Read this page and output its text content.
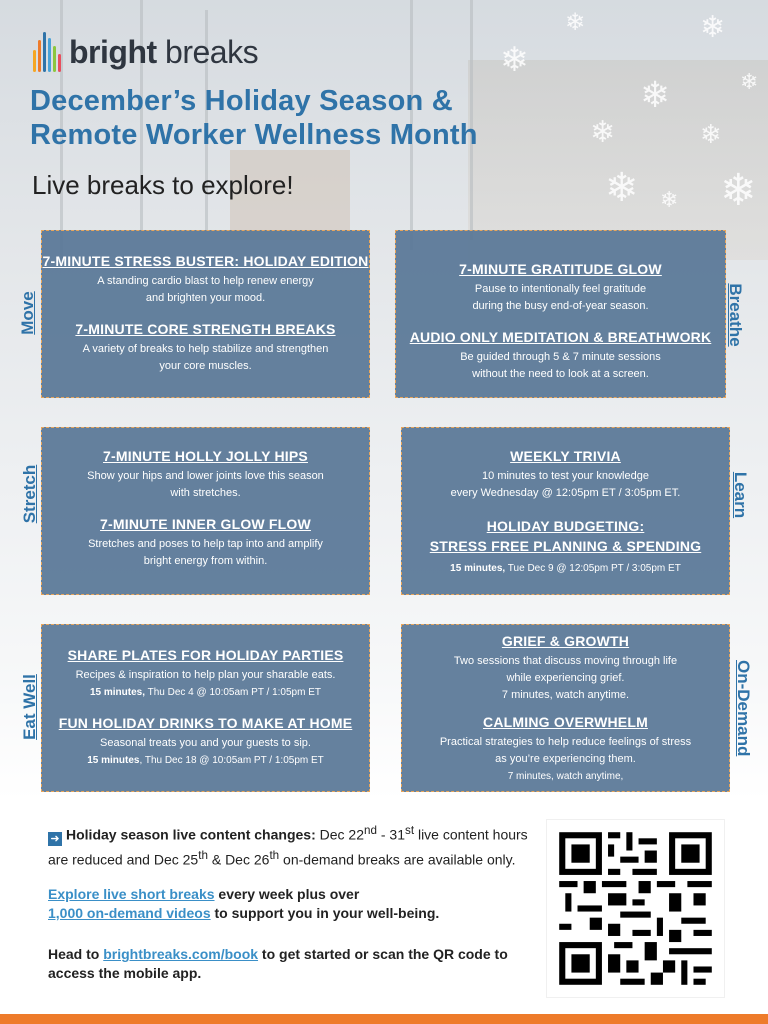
❄
❄
❄
❄
❄	❄
❄ ❄
❄
❄
bright breaks
December’s Holiday Season &
Remote Worker Wellness Month
Live breaks to explore!
Move
7-MINUTE STRESS BUSTER: HOLIDAY EDITION
A standing cardio blast to help renew energy
and brighten your mood.
7-MINUTE CORE STRENGTH BREAKS
A variety of breaks to help stabilize and strengthen
your core muscles.
Breathe
7-MINUTE GRATITUDE GLOW
Pause to intentionally feel gratitude
during the busy end-of-year season.
AUDIO ONLY MEDITATION & BREATHWORK
Be guided through 5 & 7 minute sessions
without the need to look at a screen.
Stretch
7-MINUTE HOLLY JOLLY HIPS
Show your hips and lower joints love this season
with stretches.
7-MINUTE INNER GLOW FLOW
Stretches and poses to help tap into and amplify
bright energy from within.
Learn
WEEKLY TRIVIA
10 minutes to test your knowledge
every Wednesday @ 12:05pm ET / 3:05pm ET.
HOLIDAY BUDGETING:
STRESS FREE PLANNING & SPENDING
15 minutes, Tue Dec 9 @ 12:05pm PT / 3:05pm ET
Eat Well
SHARE PLATES FOR HOLIDAY PARTIES
Recipes & inspiration to help plan your sharable eats.
15 minutes, Thu Dec 4 @ 10:05am PT / 1:05pm ET
FUN HOLIDAY DRINKS TO MAKE AT HOME
Seasonal treats you and your guests to sip.
15 minutes, Thu Dec 18 @ 10:05am PT / 1:05pm ET
On-Demand
GRIEF & GROWTH
Two sessions that discuss moving through life
while experiencing grief.
7 minutes, watch anytime.
CALMING OVERWHELM
Practical strategies to help reduce feelings of stress
as you’re experiencing them.
7 minutes, watch anytime,
➜ Holiday season live content changes: Dec 22nd - 31st live content hours are reduced and Dec 25th & Dec 26th on-demand breaks are available only.
Explore live short breaks every week plus over
1,000 on-demand videos to support you in your well-being.
Head to brightbreaks.com/book to get started or scan the QR code to access the mobile app.
